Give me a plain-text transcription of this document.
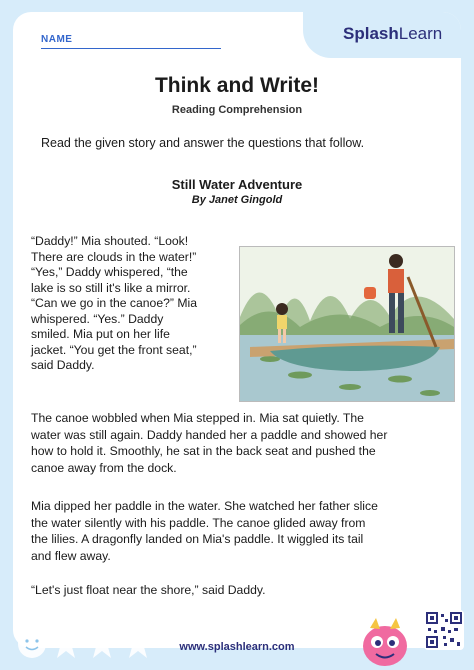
SplashLearn
NAME
Think and Write!
Reading Comprehension
Read the given story and answer the questions that follow.
Still Water Adventure
By Janet Gingold
“Daddy!” Mia shouted. “Look!
There are clouds in the water!”
“Yes,” Daddy whispered, “the
lake is so still it's like a mirror.
“Can we go in the canoe?” Mia
whispered. “Yes.” Daddy
smiled. Mia put on her life
jacket. “You get the front seat,”
said Daddy.
The canoe wobbled when Mia stepped in. Mia sat quietly. The
water was still again. Daddy handed her a paddle and showed her
how to hold it. Smoothly, he sat in the back seat and pushed the
canoe away from the dock.
Mia dipped her paddle in the water. She watched her father slice
the water silently with his paddle. The canoe glided away from
the lilies. A dragonfly landed on Mia's paddle. It wiggled its tail
and flew away.
“Let's just float near the shore,” said Daddy.
www.splashlearn.com
